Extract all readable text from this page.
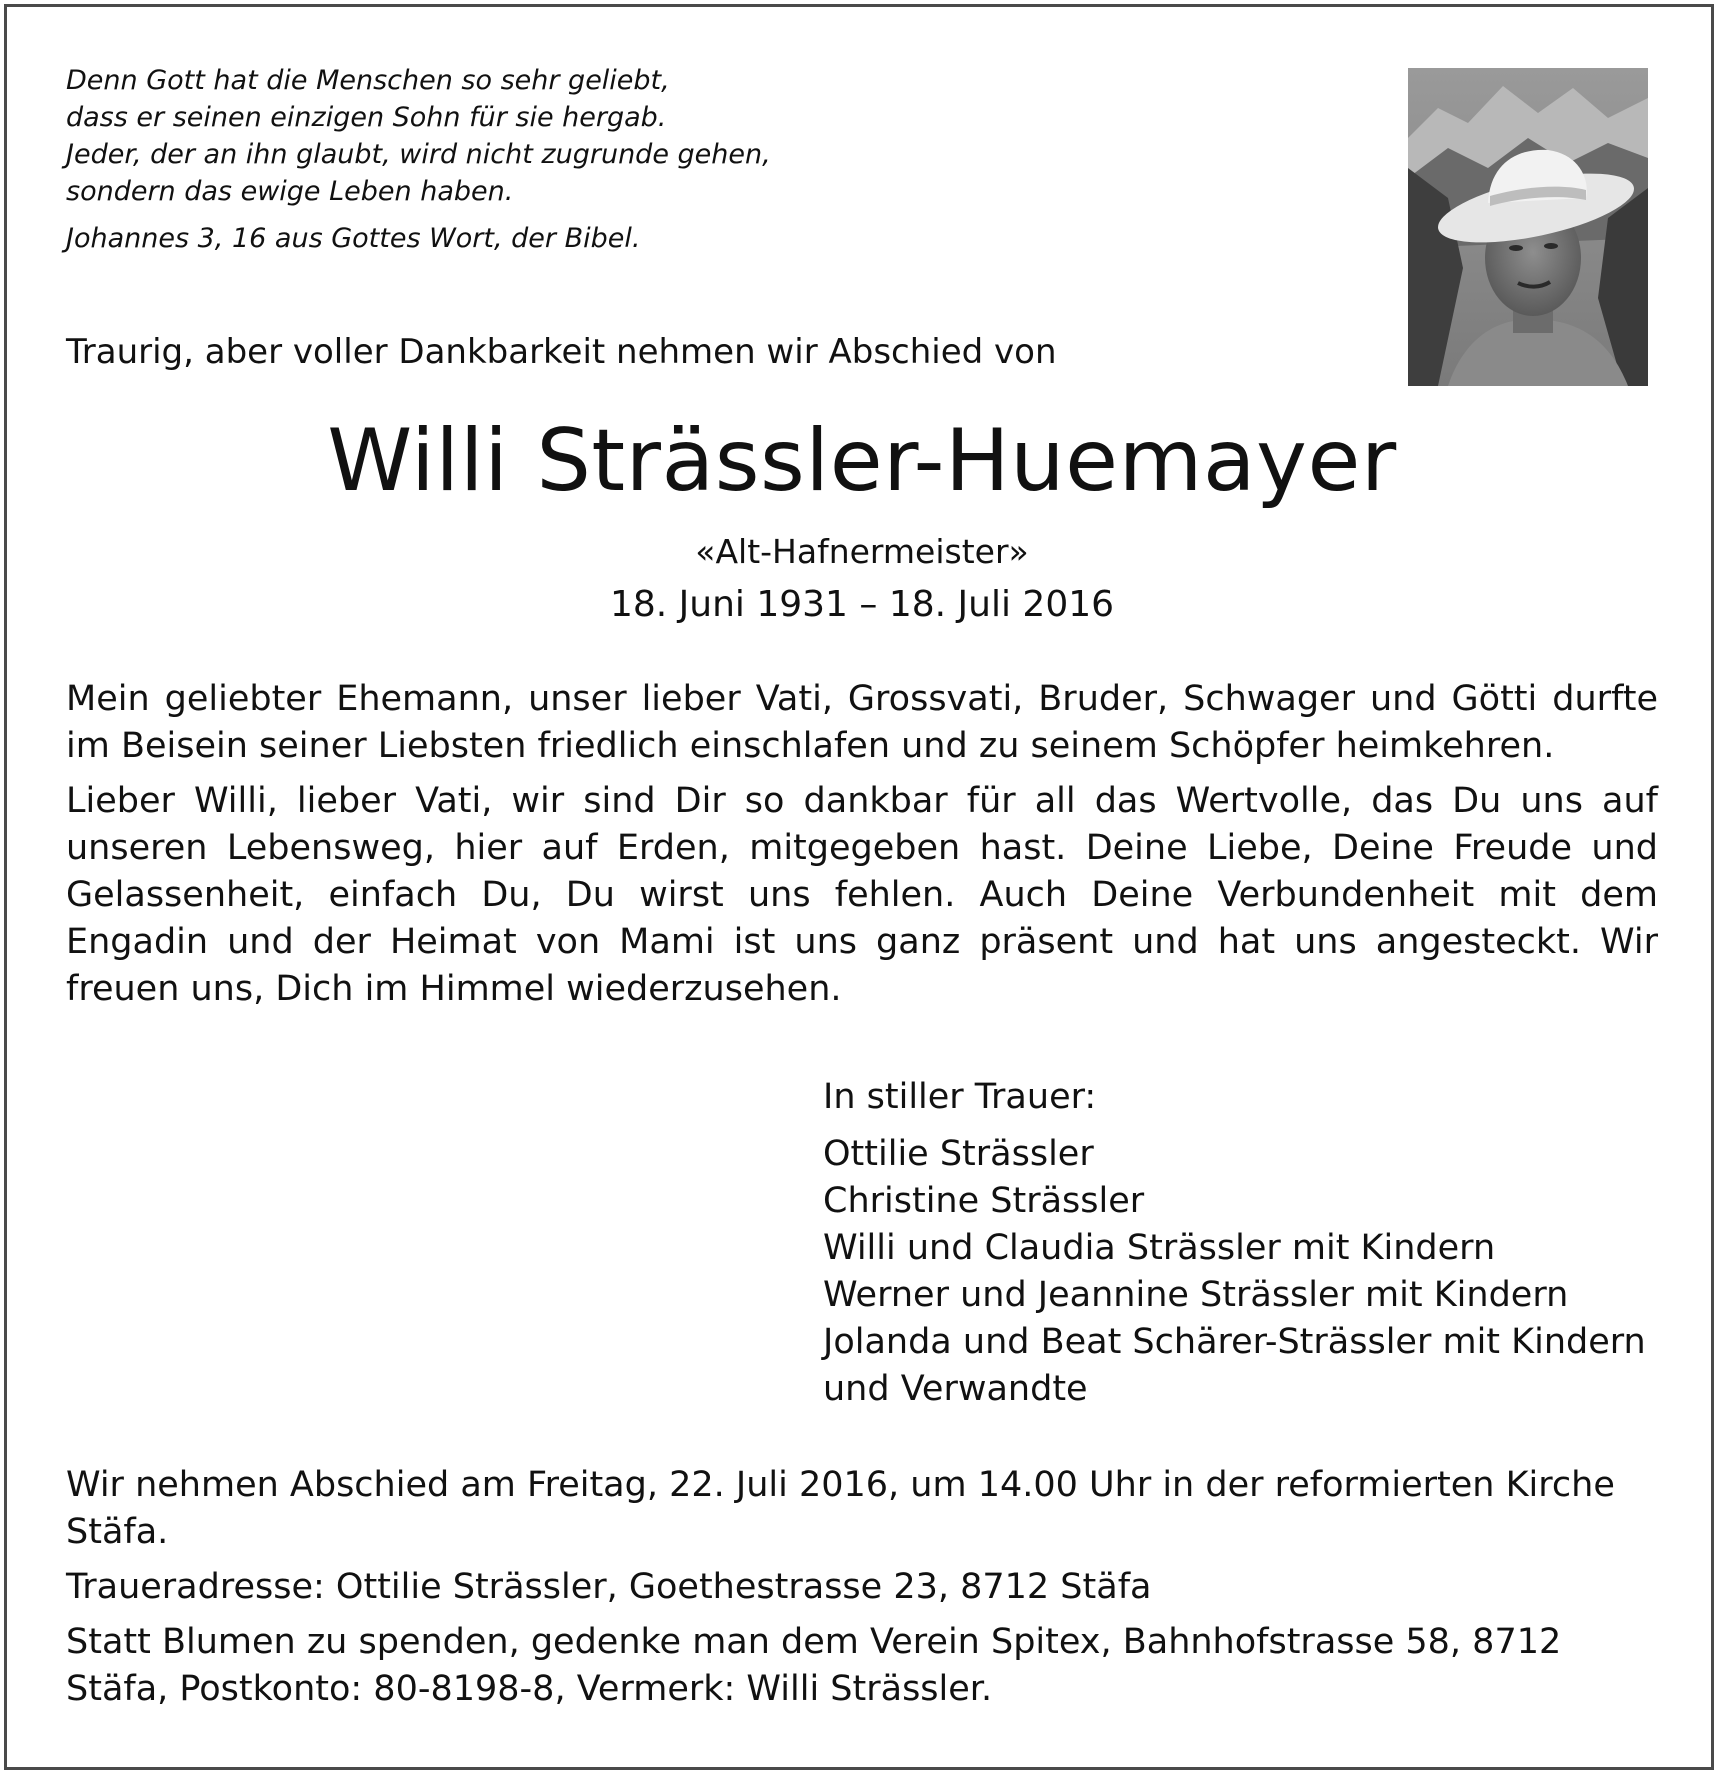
Denn Gott hat die Menschen so sehr geliebt,
dass er seinen einzigen Sohn für sie hergab.
Jeder, der an ihn glaubt, wird nicht zugrunde gehen,
sondern das ewige Leben haben.
Johannes 3, 16 aus Gottes Wort, der Bibel.
Traurig, aber voller Dankbarkeit nehmen wir Abschied von
Willi Strässler-Huemayer
«Alt-Hafnermeister»
18. Juni 1931 – 18. Juli 2016

Mein geliebter Ehemann, unser lieber Vati, Grossvati, Bruder, Schwager und Götti durfte im Beisein seiner Liebsten friedlich einschlafen und zu seinem Schöpfer heimkehren.

Lieber Willi, lieber Vati, wir sind Dir so dankbar für all das Wertvolle, das Du uns auf unseren Lebensweg, hier auf Erden, mitgegeben hast. Deine Liebe, Deine Freude und Gelassenheit, einfach Du, Du wirst uns fehlen. Auch Deine Verbundenheit mit dem Engadin und der Heimat von Mami ist uns ganz präsent und hat uns angesteckt. Wir freuen uns, Dich im Himmel wiederzusehen.

In stiller Trauer:
Ottilie Strässler
Christine Strässler
Willi und Claudia Strässler mit Kindern
Werner und Jeannine Strässler mit Kindern
Jolanda und Beat Schärer-Strässler mit Kindern
und Verwandte

Wir nehmen Abschied am Freitag, 22. Juli 2016, um 14.00 Uhr in der reformierten Kirche Stäfa.

Traueradresse: Ottilie Strässler, Goethestrasse 23, 8712 Stäfa

Statt Blumen zu spenden, gedenke man dem Verein Spitex, Bahnhofstrasse 58, 8712 Stäfa, Postkonto: 80-8198-8, Vermerk: Willi Strässler.
